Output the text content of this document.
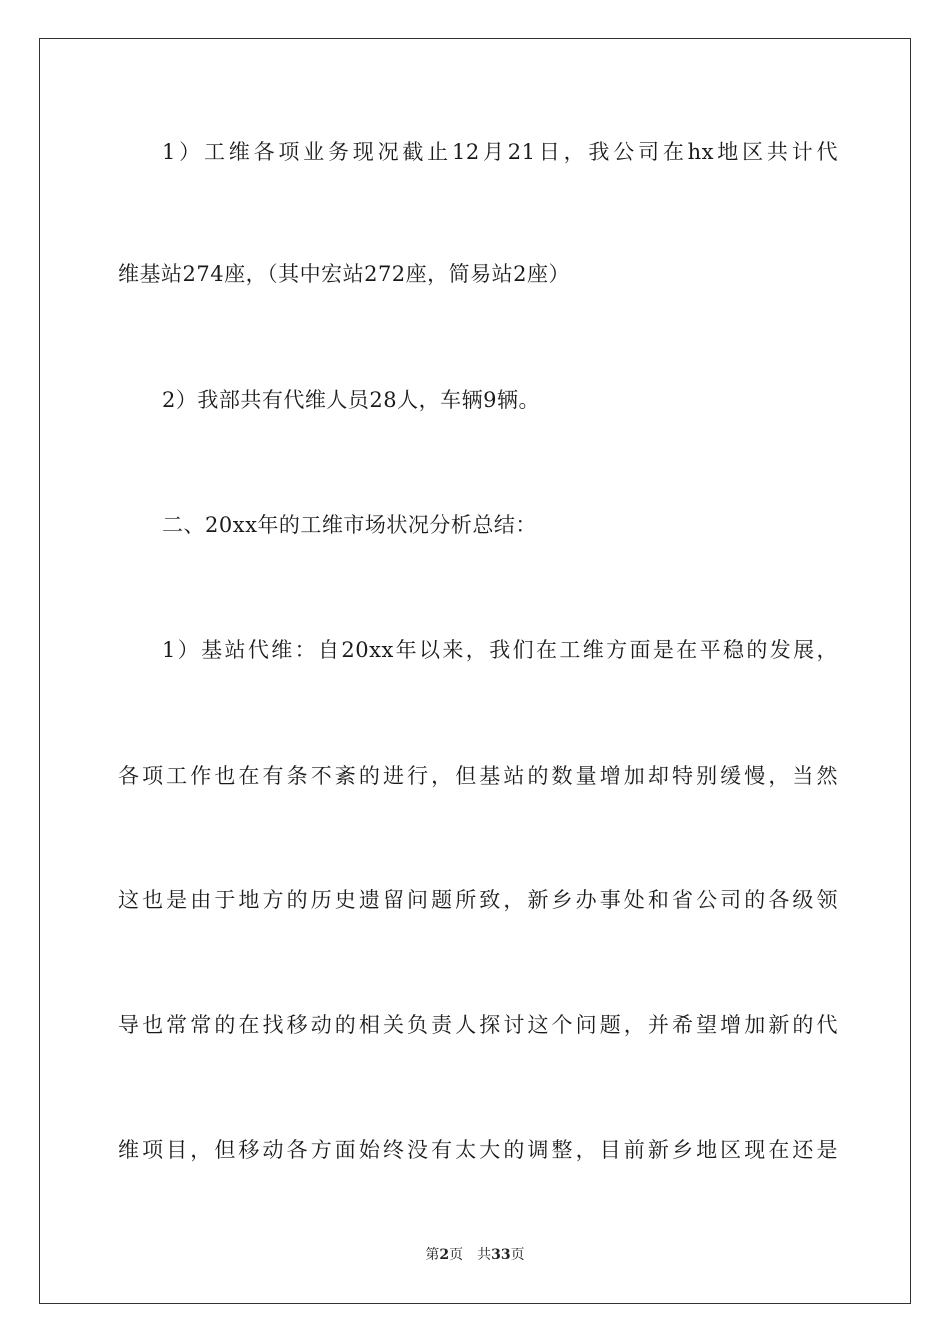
1）工维各项业务现况截止12月21日，我公司在hx地区共计代
维基站274座，（其中宏站272座，简易站2座）
2）我部共有代维人员28人，车辆9辆。
二、20xx年的工维市场状况分析总结：
1）基站代维：自20xx年以来，我们在工维方面是在平稳的发展，
各项工作也在有条不紊的进行，但基站的数量增加却特别缓慢，当然
这也是由于地方的历史遗留问题所致，新乡办事处和省公司的各级领
导也常常的在找移动的相关负责人探讨这个问题，并希望增加新的代
维项目，但移动各方面始终没有太大的调整，目前新乡地区现在还是
第2页 共33页
